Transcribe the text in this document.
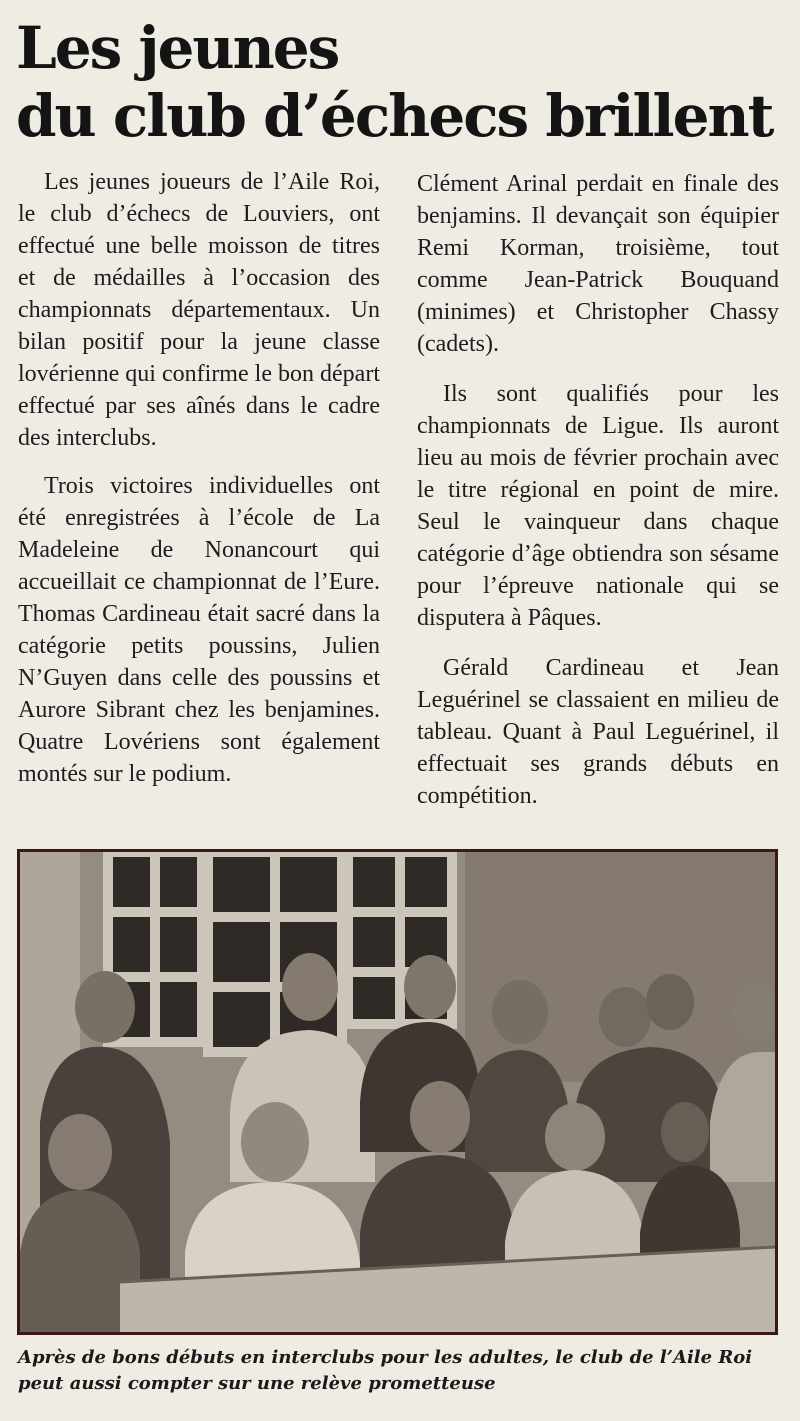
Les jeunes
du club d’échecs brillent

Les jeunes joueurs de l’Aile Roi, le club d’échecs de Louviers, ont effectué une belle moisson de titres et de médailles à l’occasion des championnats départementaux. Un bilan positif pour la jeune classe lovérienne qui confirme le bon départ effectué par ses aînés dans le cadre des interclubs.

Trois victoires individuelles ont été enregistrées à l’école de La Madeleine de Nonancourt qui accueillait ce championnat de l’Eure. Thomas Cardineau était sacré dans la catégorie petits poussins, Julien N’Guyen dans celle des poussins et Aurore Sibrant chez les benjamines. Quatre Lovériens sont également montés sur le podium.

Clément Arinal perdait en finale des benjamins. Il devançait son équipier Remi Korman, troisième, tout comme Jean-Patrick Bouquand (minimes) et Christopher Chassy (cadets).

Ils sont qualifiés pour les championnats de Ligue. Ils auront lieu au mois de février prochain avec le titre régional en point de mire. Seul le vainqueur dans chaque catégorie d’âge obtiendra son sésame pour l’épreuve nationale qui se disputera à Pâques.

Gérald Cardineau et Jean Leguérinel se classaient en milieu de tableau. Quant à Paul Leguérinel, il effectuait ses grands débuts en compétition.

Après de bons débuts en interclubs pour les adultes, le club de l’Aile Roi
peut aussi compter sur une relève prometteuse
